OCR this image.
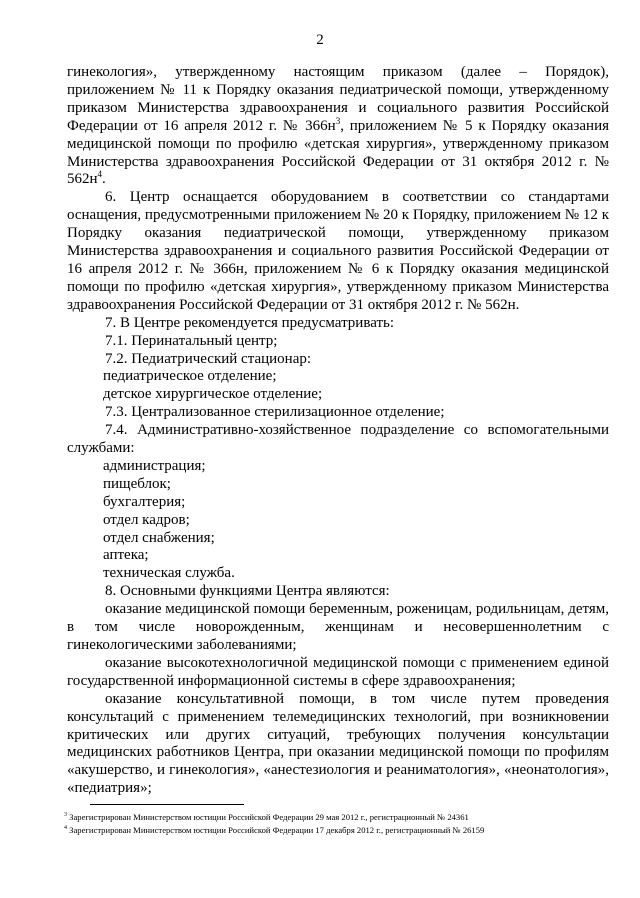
2

гинекология», утвержденному настоящим приказом (далее – Порядок), приложением № 11 к Порядку оказания педиатрической помощи, утвержденному приказом Министерства здравоохранения и социального развития Российской Федерации от 16 апреля 2012 г. № $366н^3$, приложением № 5 к Порядку оказания медицинской помощи по профилю «детская хирургия», утвержденному приказом Министерства здравоохранения Российской Федерации от 31 октября 2012 г. № $562н^4$.

6. Центр оснащается оборудованием в соответствии со стандартами оснащения, предусмотренными приложением № 20 к Порядку, приложением № 12 к Порядку оказания педиатрической помощи, утвержденному приказом Министерства здравоохранения и социального развития Российской Федерации от 16 апреля 2012 г. № 366н, приложением № 6 к Порядку оказания медицинской помощи по профилю «детская хирургия», утвержденному приказом Министерства здравоохранения Российской Федерации от 31 октября 2012 г. № 562н.

7. В Центре рекомендуется предусматривать:

7.1. Перинатальный центр;

7.2. Педиатрический стационар:

педиатрическое отделение;

детское хирургическое отделение;

7.3. Централизованное стерилизационное отделение;

7.4. Административно-хозяйственное подразделение со вспомогательными службами:

администрация;

пищеблок;

бухгалтерия;

отдел кадров;

отдел снабжения;

аптека;

техническая служба.

8. Основными функциями Центра являются:

оказание медицинской помощи беременным, роженицам, родильницам, детям, в том числе новорожденным, женщинам и несовершеннолетним с гинекологическими заболеваниями;

оказание высокотехнологичной медицинской помощи с применением единой государственной информационной системы в сфере здравоохранения;

оказание консультативной помощи, в том числе путем проведения консультаций с применением телемедицинских технологий, при возникновении критических или других ситуаций, требующих получения консультации медицинских работников Центра, при оказании медицинской помощи по профилям «акушерство, и гинекология», «анестезиология и реаниматология», «неонатология», «педиатрия»;

$^3$ Зарегистрирован Министерством юстиции Российской Федерации 29 мая 2012 г., регистрационный № 24361
$^4$ Зарегистрирован Министерством юстиции Российской Федерации 17 декабря 2012 г., регистрационный № 26159
